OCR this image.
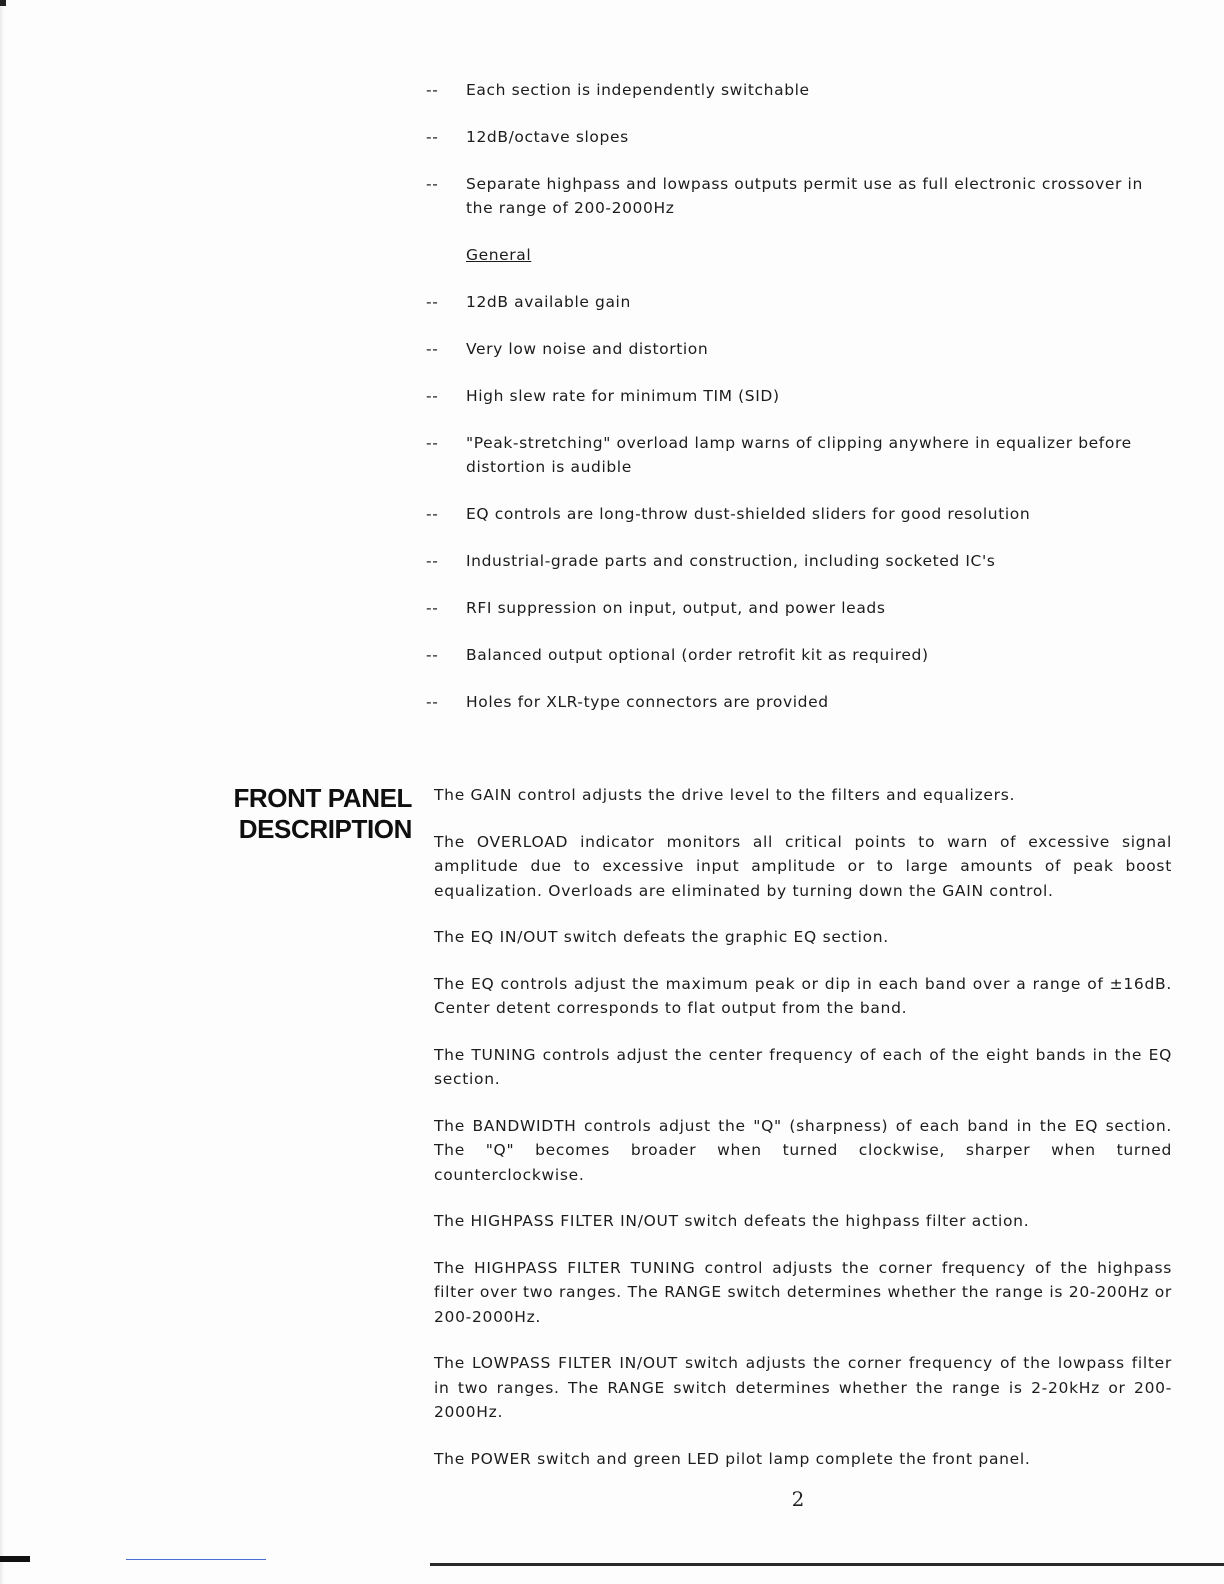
--	Each section is independently switchable
--	12dB/octave slopes
--	Separate highpass and lowpass outputs permit use as full electronic crossover in the range of 200-2000Hz
General
--	12dB available gain
--	Very low noise and distortion
--	High slew rate for minimum TIM (SID)
--	"Peak-stretching" overload lamp warns of clipping anywhere in equalizer before distortion is audible
--	EQ controls are long-throw dust-shielded sliders for good resolution
--	Industrial-grade parts and construction, including socketed IC's
--	RFI suppression on input, output, and power leads
--	Balanced output optional (order retrofit kit as required)
--	Holes for XLR-type connectors are provided
FRONT PANEL
DESCRIPTION

The GAIN control adjusts the drive level to the filters and equalizers.

The OVERLOAD indicator monitors all critical points to warn of excessive signal amplitude due to excessive input amplitude or to large amounts of peak boost equalization. Overloads are eliminated by turning down the GAIN control.

The EQ IN/OUT switch defeats the graphic EQ section.

The EQ controls adjust the maximum peak or dip in each band over a range of ±16dB. Center detent corresponds to flat output from the band.

The TUNING controls adjust the center frequency of each of the eight bands in the EQ section.

The BANDWIDTH controls adjust the "Q" (sharpness) of each band in the EQ section. The "Q" becomes broader when turned clockwise, sharper when turned counterclockwise.

The HIGHPASS FILTER IN/OUT switch defeats the highpass filter action.

The HIGHPASS FILTER TUNING control adjusts the corner frequency of the highpass filter over two ranges. The RANGE switch determines whether the range is 20-200Hz or 200-2000Hz.

The LOWPASS FILTER IN/OUT switch adjusts the corner frequency of the lowpass filter in two ranges. The RANGE switch determines whether the range is 2-20kHz or 200-2000Hz.

The POWER switch and green LED pilot lamp complete the front panel.

2
